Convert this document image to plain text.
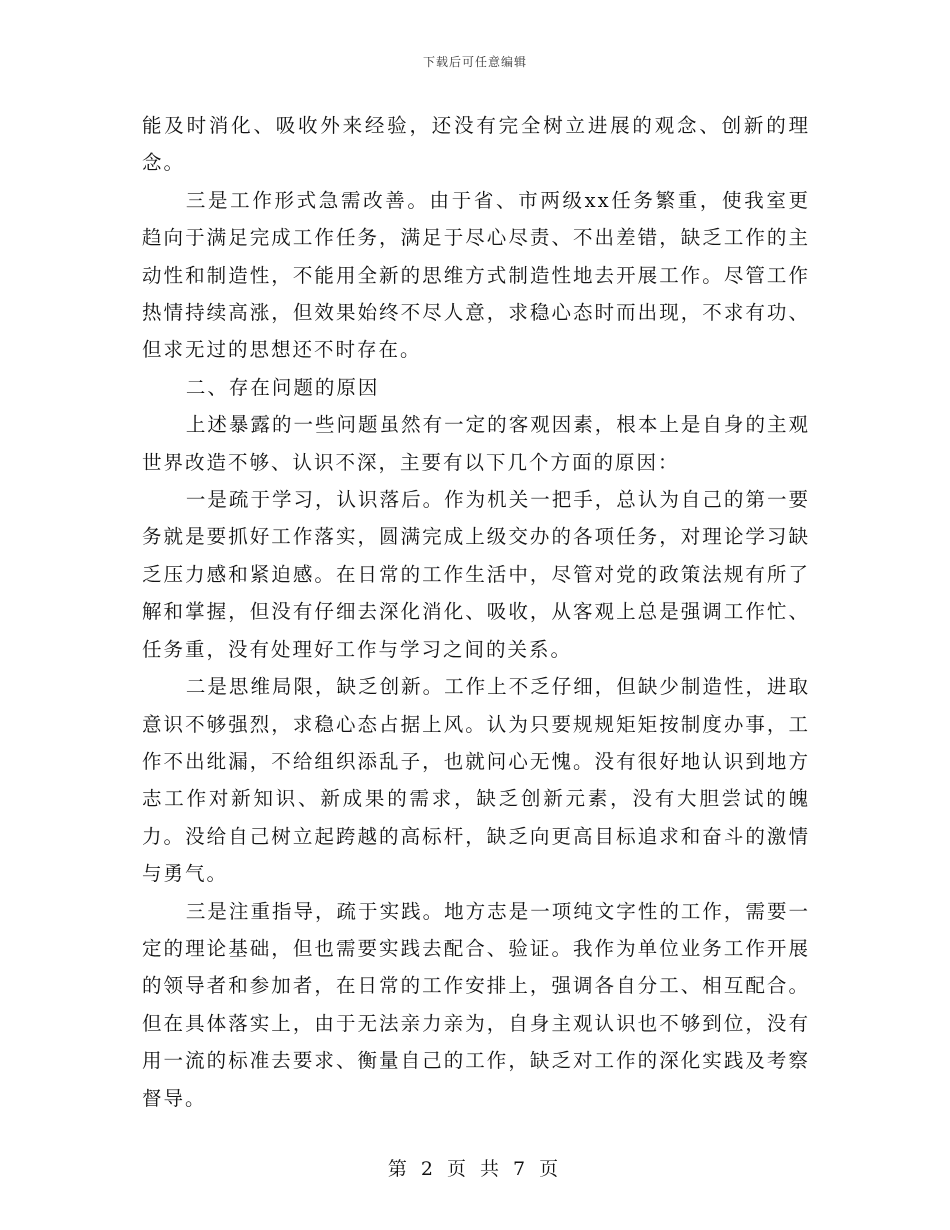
下载后可任意编辑

能及时消化、吸收外来经验，还没有完全树立进展的观念、创新的理念。

三是工作形式急需改善。由于省、市两级xx任务繁重，使我室更趋向于满足完成工作任务，满足于尽心尽责、不出差错，缺乏工作的主动性和制造性，不能用全新的思维方式制造性地去开展工作。尽管工作热情持续高涨，但效果始终不尽人意，求稳心态时而出现，不求有功、但求无过的思想还不时存在。

二、存在问题的原因

上述暴露的一些问题虽然有一定的客观因素，根本上是自身的主观世界改造不够、认识不深，主要有以下几个方面的原因：

一是疏于学习，认识落后。作为机关一把手，总认为自己的第一要务就是要抓好工作落实，圆满完成上级交办的各项任务，对理论学习缺乏压力感和紧迫感。在日常的工作生活中，尽管对党的政策法规有所了解和掌握，但没有仔细去深化消化、吸收，从客观上总是强调工作忙、任务重，没有处理好工作与学习之间的关系。

二是思维局限，缺乏创新。工作上不乏仔细，但缺少制造性，进取意识不够强烈，求稳心态占据上风。认为只要规规矩矩按制度办事，工作不出纰漏，不给组织添乱子，也就问心无愧。没有很好地认识到地方志工作对新知识、新成果的需求，缺乏创新元素，没有大胆尝试的魄力。没给自己树立起跨越的高标杆，缺乏向更高目标追求和奋斗的激情与勇气。

三是注重指导，疏于实践。地方志是一项纯文字性的工作，需要一定的理论基础，但也需要实践去配合、验证。我作为单位业务工作开展的领导者和参加者，在日常的工作安排上，强调各自分工、相互配合。但在具体落实上，由于无法亲力亲为，自身主观认识也不够到位，没有用一流的标准去要求、衡量自己的工作，缺乏对工作的深化实践及考察督导。

第 2 页 共 7 页
